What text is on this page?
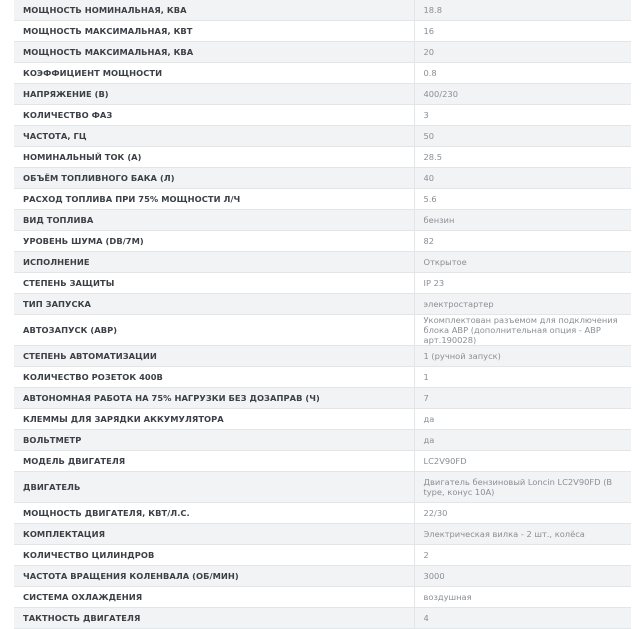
МОЩНОСТЬ НОМИНАЛЬНАЯ, КВА	18.8
МОЩНОСТЬ МАКСИМАЛЬНАЯ, КВТ	16
МОЩНОСТЬ МАКСИМАЛЬНАЯ, КВА	20
КОЭФФИЦИЕНТ МОЩНОСТИ	0.8
НАПРЯЖЕНИЕ (В)	400/230
КОЛИЧЕСТВО ФАЗ	3
ЧАСТОТА, ГЦ	50
НОМИНАЛЬНЫЙ ТОК (А)	28.5
ОБЪЁМ ТОПЛИВНОГО БАКА (Л)	40
РАСХОД ТОПЛИВА ПРИ 75% МОЩНОСТИ Л/Ч	5.6
ВИД ТОПЛИВА	бензин
УРОВЕНЬ ШУМА (DB/7M)	82
ИСПОЛНЕНИЕ	Открытое
СТЕПЕНЬ ЗАЩИТЫ	IP 23
ТИП ЗАПУСКА	электростартер
АВТОЗАПУСК (АВР)	Укомплектован разъемом для подключения блока АВР (дополнительная опция - АВР арт.190028)
СТЕПЕНЬ АВТОМАТИЗАЦИИ	1 (ручной запуск)
КОЛИЧЕСТВО РОЗЕТОК 400В	1
АВТОНОМНАЯ РАБОТА НА 75% НАГРУЗКИ БЕЗ ДОЗАПРАВ (Ч)	7
КЛЕММЫ ДЛЯ ЗАРЯДКИ АККУМУЛЯТОРА	да
ВОЛЬТМЕТР	да
МОДЕЛЬ ДВИГАТЕЛЯ	LC2V90FD
ДВИГАТЕЛЬ	Двигатель бензиновый Loncin LC2V90FD (В type, конус 10А)
МОЩНОСТЬ ДВИГАТЕЛЯ, КВТ/Л.С.	22/30
КОМПЛЕКТАЦИЯ	Электрическая вилка - 2 шт., колёса
КОЛИЧЕСТВО ЦИЛИНДРОВ	2
ЧАСТОТА ВРАЩЕНИЯ КОЛЕНВАЛА (ОБ/МИН)	3000
СИСТЕМА ОХЛАЖДЕНИЯ	воздушная
ТАКТНОСТЬ ДВИГАТЕЛЯ	4
